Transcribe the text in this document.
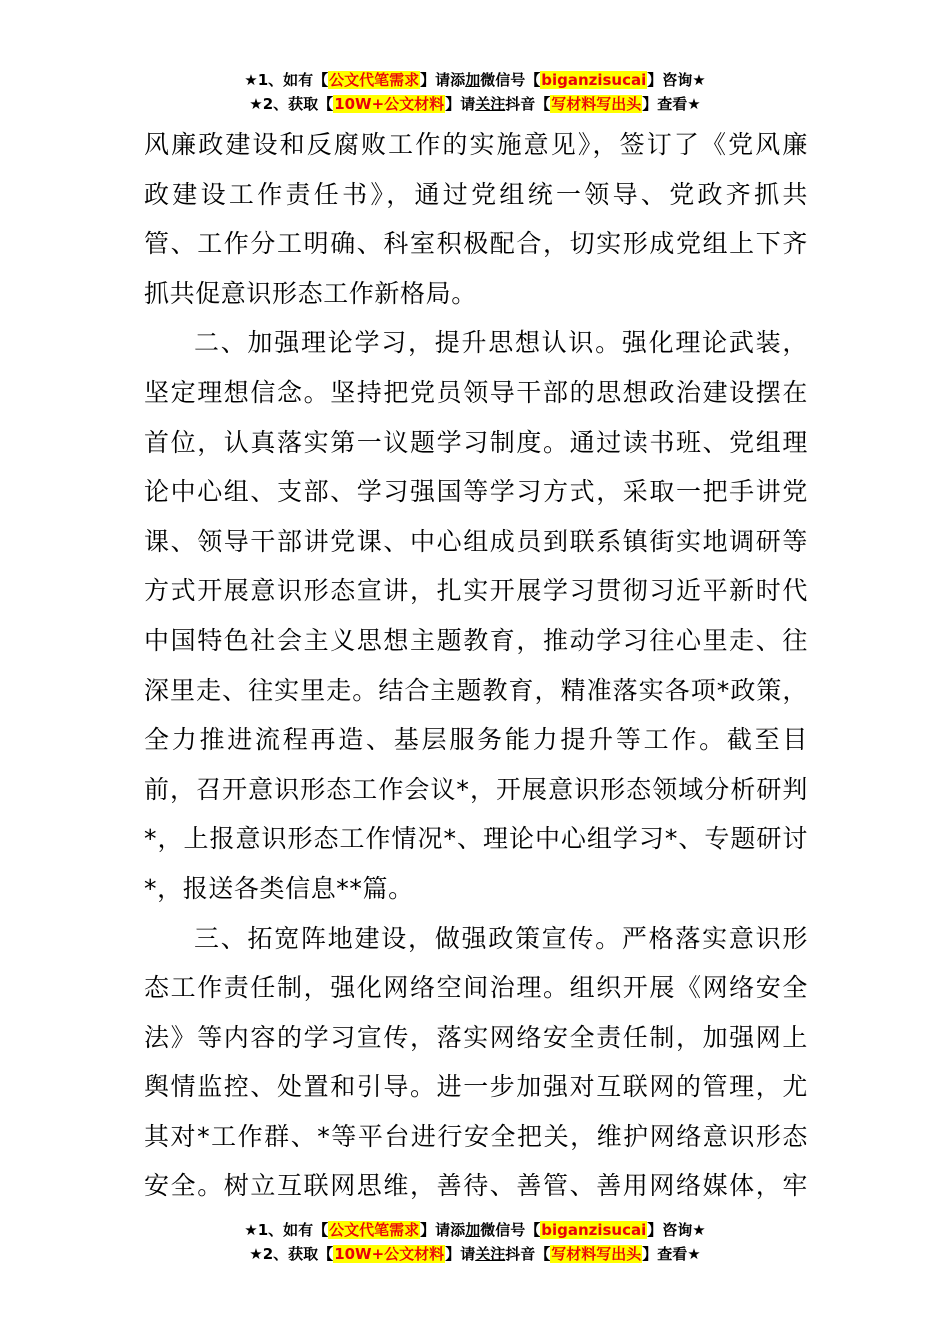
★1、如有【公文代笔需求】请添加微信号【biganzisucai】咨询★
★2、获取【10W+公文材料】请关注抖音【写材料写出头】查看★
风廉政建设和反腐败工作的实施意见》，签订了《党风廉
政建设工作责任书》，通过党组统一领导、党政齐抓共
管、工作分工明确、科室积极配合，切实形成党组上下齐
抓共促意识形态工作新格局。
二、加强理论学习，提升思想认识。强化理论武装，
坚定理想信念。坚持把党员领导干部的思想政治建设摆在
首位，认真落实第一议题学习制度。通过读书班、党组理
论中心组、支部、学习强国等学习方式，采取一把手讲党
课、领导干部讲党课、中心组成员到联系镇街实地调研等
方式开展意识形态宣讲，扎实开展学习贯彻习近平新时代
中国特色社会主义思想主题教育，推动学习往心里走、往
深里走、往实里走。结合主题教育，精准落实各项*政策，
全力推进流程再造、基层服务能力提升等工作。截至目
前，召开意识形态工作会议*，开展意识形态领域分析研判
*，上报意识形态工作情况*、理论中心组学习*、专题研讨
*，报送各类信息**篇。
三、拓宽阵地建设，做强政策宣传。严格落实意识形
态工作责任制，强化网络空间治理。组织开展《网络安全
法》等内容的学习宣传，落实网络安全责任制，加强网上
舆情监控、处置和引导。进一步加强对互联网的管理，尤
其对*工作群、*等平台进行安全把关，维护网络意识形态
安全。树立互联网思维，善待、善管、善用网络媒体，牢
★1、如有【公文代笔需求】请添加微信号【biganzisucai】咨询★
★2、获取【10W+公文材料】请关注抖音【写材料写出头】查看★
